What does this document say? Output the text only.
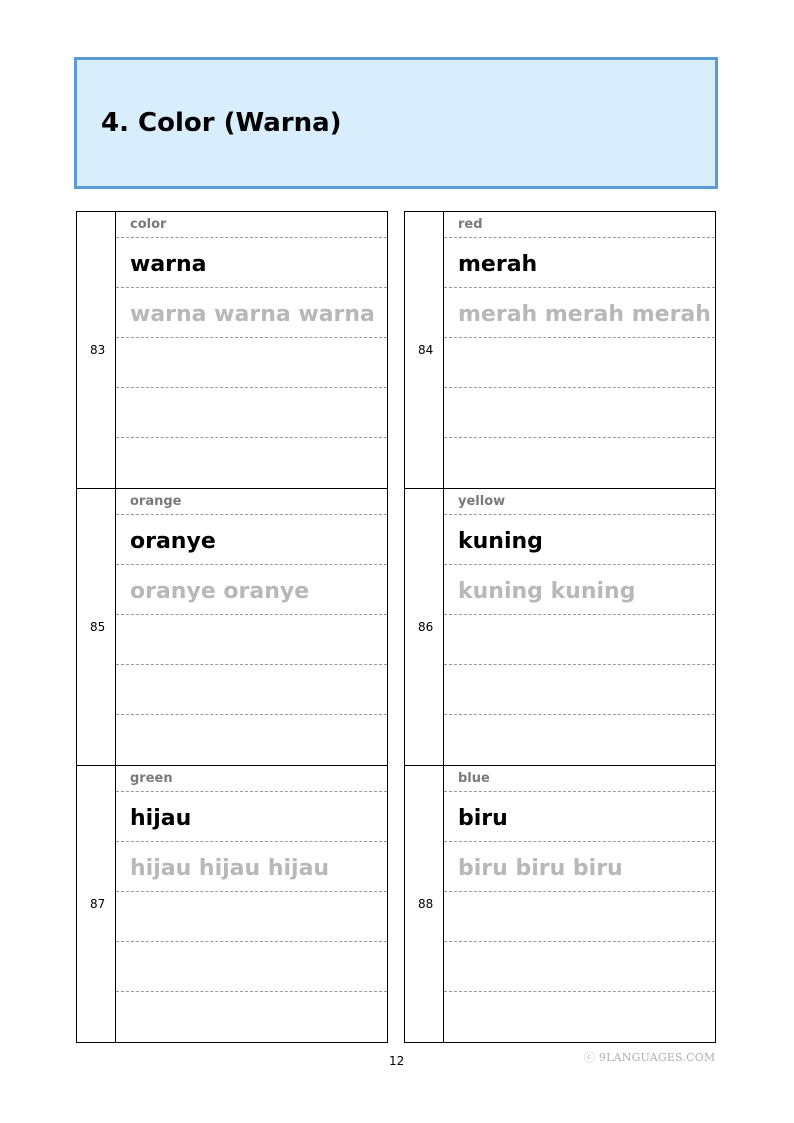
4. Color (Warna)
83
color
warna
warna warna warna
84
red
merah
merah merah merah
85
orange
oranye
oranye oranye
86
yellow
kuning
kuning kuning
87
green
hijau
hijau hijau hijau
88
blue
biru
biru biru biru
12	ⓒ 9LANGUAGES.COM
